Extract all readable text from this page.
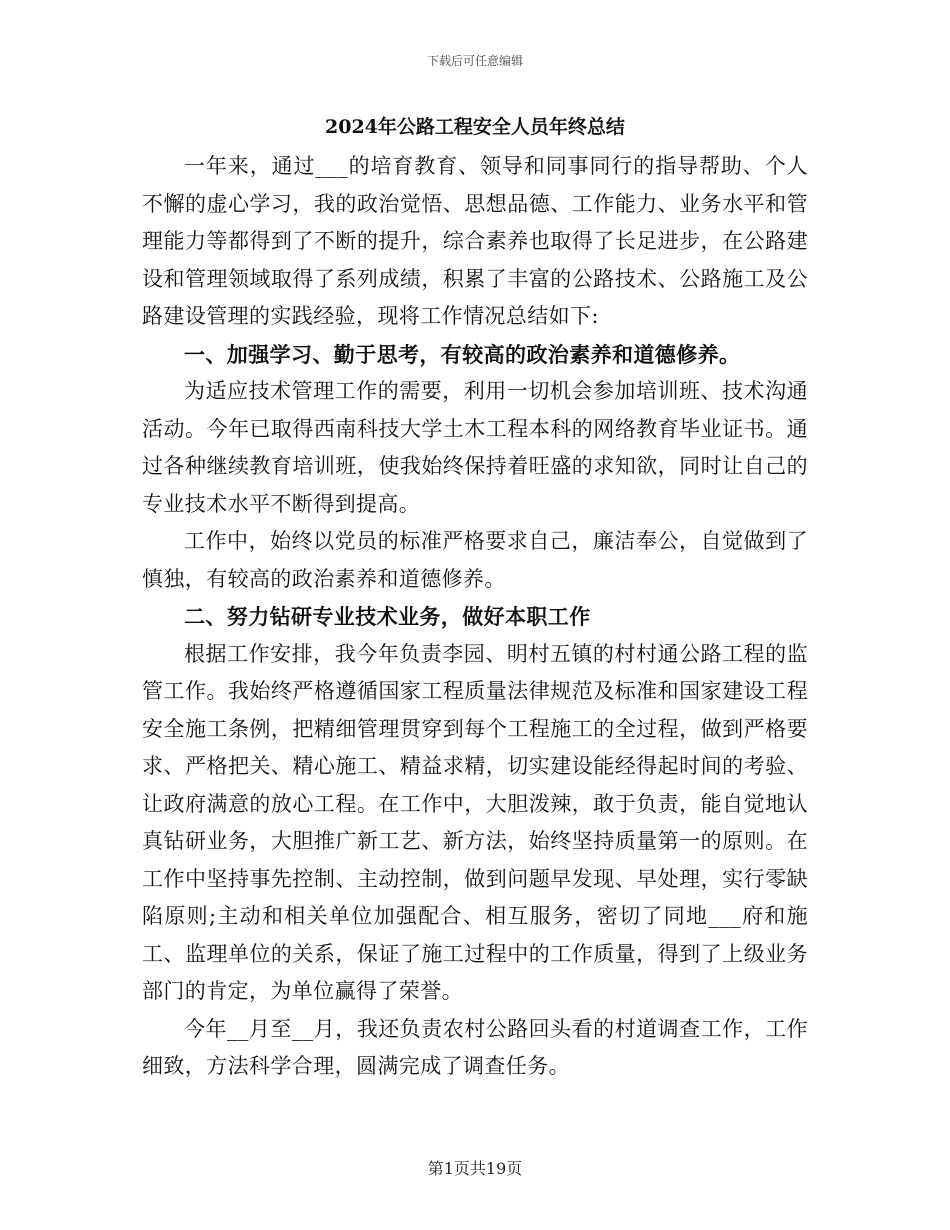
下载后可任意编辑
2024年公路工程安全人员年终总结

一年来，通过___的培育教育、领导和同事同行的指导帮助、个人不懈的虚心学习，我的政治觉悟、思想品德、工作能力、业务水平和管理能力等都得到了不断的提升，综合素养也取得了长足进步，在公路建设和管理领域取得了系列成绩，积累了丰富的公路技术、公路施工及公路建设管理的实践经验，现将工作情况总结如下:

一、加强学习、勤于思考，有较高的政治素养和道德修养。

为适应技术管理工作的需要，利用一切机会参加培训班、技术沟通活动。今年已取得西南科技大学土木工程本科的网络教育毕业证书。通过各种继续教育培训班，使我始终保持着旺盛的求知欲，同时让自己的专业技术水平不断得到提高。

工作中，始终以党员的标准严格要求自己，廉洁奉公，自觉做到了慎独，有较高的政治素养和道德修养。

二、努力钻研专业技术业务，做好本职工作

根据工作安排，我今年负责李园、明村五镇的村村通公路工程的监管工作。我始终严格遵循国家工程质量法律规范及标准和国家建设工程安全施工条例，把精细管理贯穿到每个工程施工的全过程，做到严格要求、严格把关、精心施工、精益求精，切实建设能经得起时间的考验、让政府满意的放心工程。在工作中，大胆泼辣，敢于负责，能自觉地认真钻研业务，大胆推广新工艺、新方法，始终坚持质量第一的原则。在工作中坚持事先控制、主动控制，做到问题早发现、早处理，实行零缺陷原则;主动和相关单位加强配合、相互服务，密切了同地___府和施工、监理单位的关系，保证了施工过程中的工作质量，得到了上级业务部门的肯定，为单位赢得了荣誉。

今年__月至__月，我还负责农村公路回头看的村道调查工作，工作细致，方法科学合理，圆满完成了调查任务。

第1页共19页
